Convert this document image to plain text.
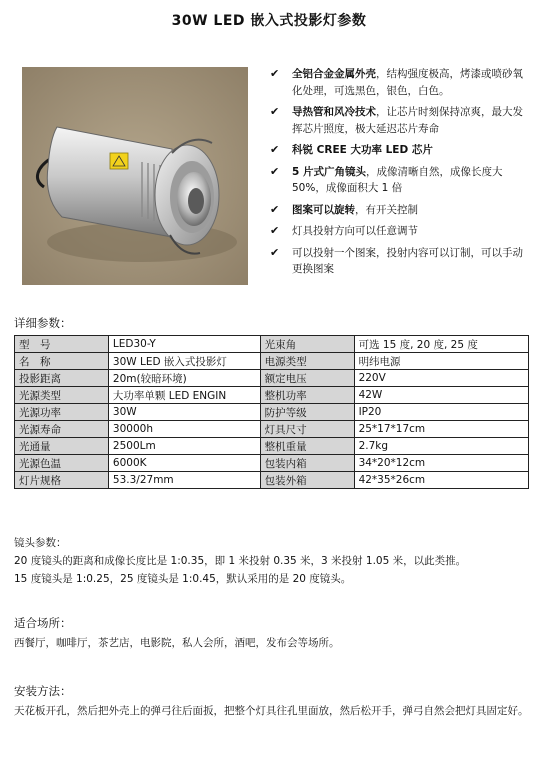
30W LED 嵌入式投影灯参数
✔ 全铝合金金属外壳，结构强度极高，烤漆或喷砂氧化处理，可选黑色，银色，白色。
✔ 导热管和风冷技术，让芯片时刻保持凉爽，最大发挥芯片照度，极大延迟芯片寿命
✔ 科锐 CREE 大功率 LED 芯片
✔ 5 片式广角镜头，成像清晰自然，成像长度大 50%，成像面积大 1 倍
✔ 图案可以旋转，有开关控制
✔ 灯具投射方向可以任意调节
✔ 可以投射一个图案，投射内容可以订制，可以手动更换图案
详细参数：
型　号	LED30-Y	光束角	可选 15 度, 20 度, 25 度
名　称	30W LED 嵌入式投影灯	电源类型	明纬电源
投影距离	20m(较暗环境)	额定电压	220V
光源类型	大功率单颗 LED ENGIN	整机功率	42W
光源功率	30W	防护等级	IP20
光源寿命	30000h	灯具尺寸	25*17*17cm
光通量	2500Lm	整机重量	2.7kg
光源色温	6000K	包装内箱	34*20*12cm
灯片规格	53.3/27mm	包装外箱	42*35*26cm
镜头参数：
20 度镜头的距离和成像长度比是 1:0.35，即 1 米投射 0.35 米，3 米投射 1.05 米，以此类推。
15 度镜头是 1:0.25，25 度镜头是 1:0.45，默认采用的是 20 度镜头。
适合场所：
西餐厅，咖啡厅，茶艺店，电影院，私人会所，酒吧，发布会等场所。
安装方法：
天花板开孔，然后把外壳上的弹弓往后面扳，把整个灯具往孔里面放，然后松开手，弹弓自然会把灯具固定好。
